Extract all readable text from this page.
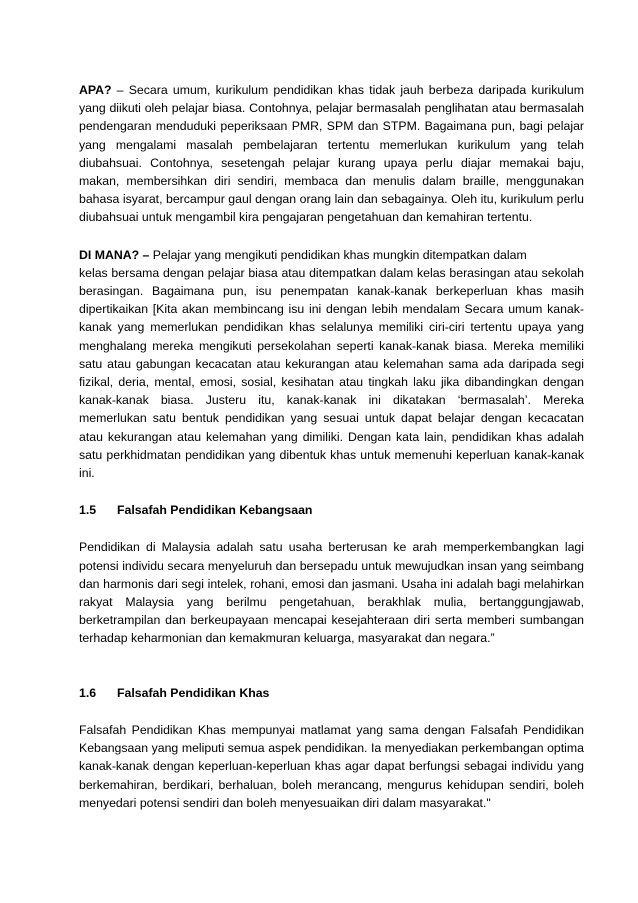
APA? – Secara umum, kurikulum pendidikan khas tidak jauh berbeza daripada kurikulum yang diikuti oleh pelajar biasa. Contohnya, pelajar bermasalah penglihatan atau bermasalah pendengaran menduduki peperiksaan PMR, SPM dan STPM. Bagaimana pun, bagi pelajar yang mengalami masalah pembelajaran tertentu memerlukan kurikulum yang telah diubahsuai. Contohnya, sesetengah pelajar kurang upaya perlu diajar memakai baju, makan, membersihkan diri sendiri, membaca dan menulis dalam braille, menggunakan bahasa isyarat, bercampur gaul dengan orang lain dan sebagainya. Oleh itu, kurikulum perlu diubahsuai untuk mengambil kira pengajaran pengetahuan dan kemahiran tertentu.

DI MANA? – Pelajar yang mengikuti pendidikan khas mungkin ditempatkan dalam

kelas bersama dengan pelajar biasa atau ditempatkan dalam kelas berasingan atau sekolah berasingan. Bagaimana pun, isu penempatan kanak-kanak berkeperluan khas masih dipertikaikan [Kita akan membincang isu ini dengan lebih mendalam Secara umum kanak-kanak yang memerlukan pendidikan khas selalunya memiliki ciri-ciri tertentu upaya yang menghalang mereka mengikuti persekolahan seperti kanak-kanak biasa. Mereka memiliki satu atau gabungan kecacatan atau kekurangan atau kelemahan sama ada daripada segi fizikal, deria, mental, emosi, sosial, kesihatan atau tingkah laku jika dibandingkan dengan kanak-kanak biasa. Justeru itu, kanak-kanak ini dikatakan ‘bermasalah’. Mereka memerlukan satu bentuk pendidikan yang sesuai untuk dapat belajar dengan kecacatan atau kekurangan atau kelemahan yang dimiliki. Dengan kata lain, pendidikan khas adalah satu perkhidmatan pendidikan yang dibentuk khas untuk memenuhi keperluan kanak-kanak ini.

1.5 Falsafah Pendidikan Kebangsaan

Pendidikan di Malaysia adalah satu usaha berterusan ke arah memperkembangkan lagi potensi individu secara menyeluruh dan bersepadu untuk mewujudkan insan yang seimbang dan harmonis dari segi intelek, rohani, emosi dan jasmani. Usaha ini adalah bagi melahirkan rakyat Malaysia yang berilmu pengetahuan, berakhlak mulia, bertanggungjawab, berketrampilan dan berkeupayaan mencapai kesejahteraan diri serta memberi sumbangan terhadap keharmonian dan kemakmuran keluarga, masyarakat dan negara.”

1.6 Falsafah Pendidikan Khas

Falsafah Pendidikan Khas mempunyai matlamat yang sama dengan Falsafah Pendidikan Kebangsaan yang meliputi semua aspek pendidikan. Ia menyediakan perkembangan optima kanak-kanak dengan keperluan-keperluan khas agar dapat berfungsi sebagai individu yang berkemahiran, berdikari, berhaluan, boleh merancang, mengurus kehidupan sendiri, boleh menyedari potensi sendiri dan boleh menyesuaikan diri dalam masyarakat."
